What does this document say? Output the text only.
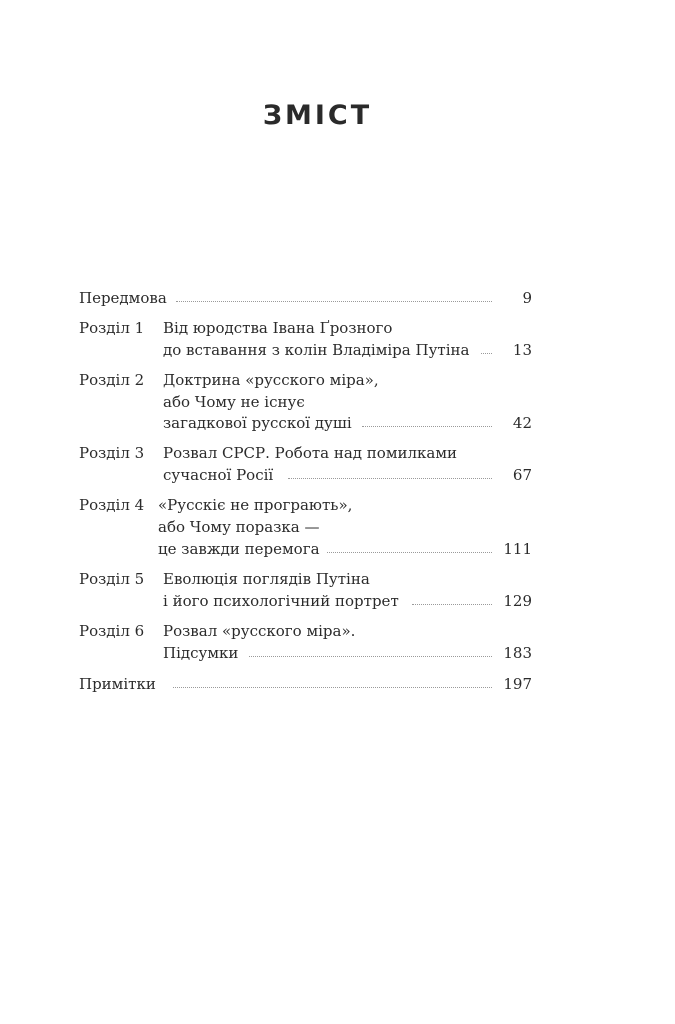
ЗМІСТ
Передмова	9
Розділ 1 Від юродства Івана Ґрозного
до вставання з колін Владіміра Путіна	13
Розділ 2 Доктрина «русского міра»,
або Чому не існує
загадкової русскої душі	42
Розділ 3 Розвал СРСР. Робота над помилками
сучасної Росії	67
Розділ 4 «Русскіє не програють»,
або Чому поразка —
це завжди перемога	111
Розділ 5 Еволюція поглядів Путіна
і його психологічний портрет	129
Розділ 6 Розвал «русского міра».
Підсумки	183
Примітки	197
